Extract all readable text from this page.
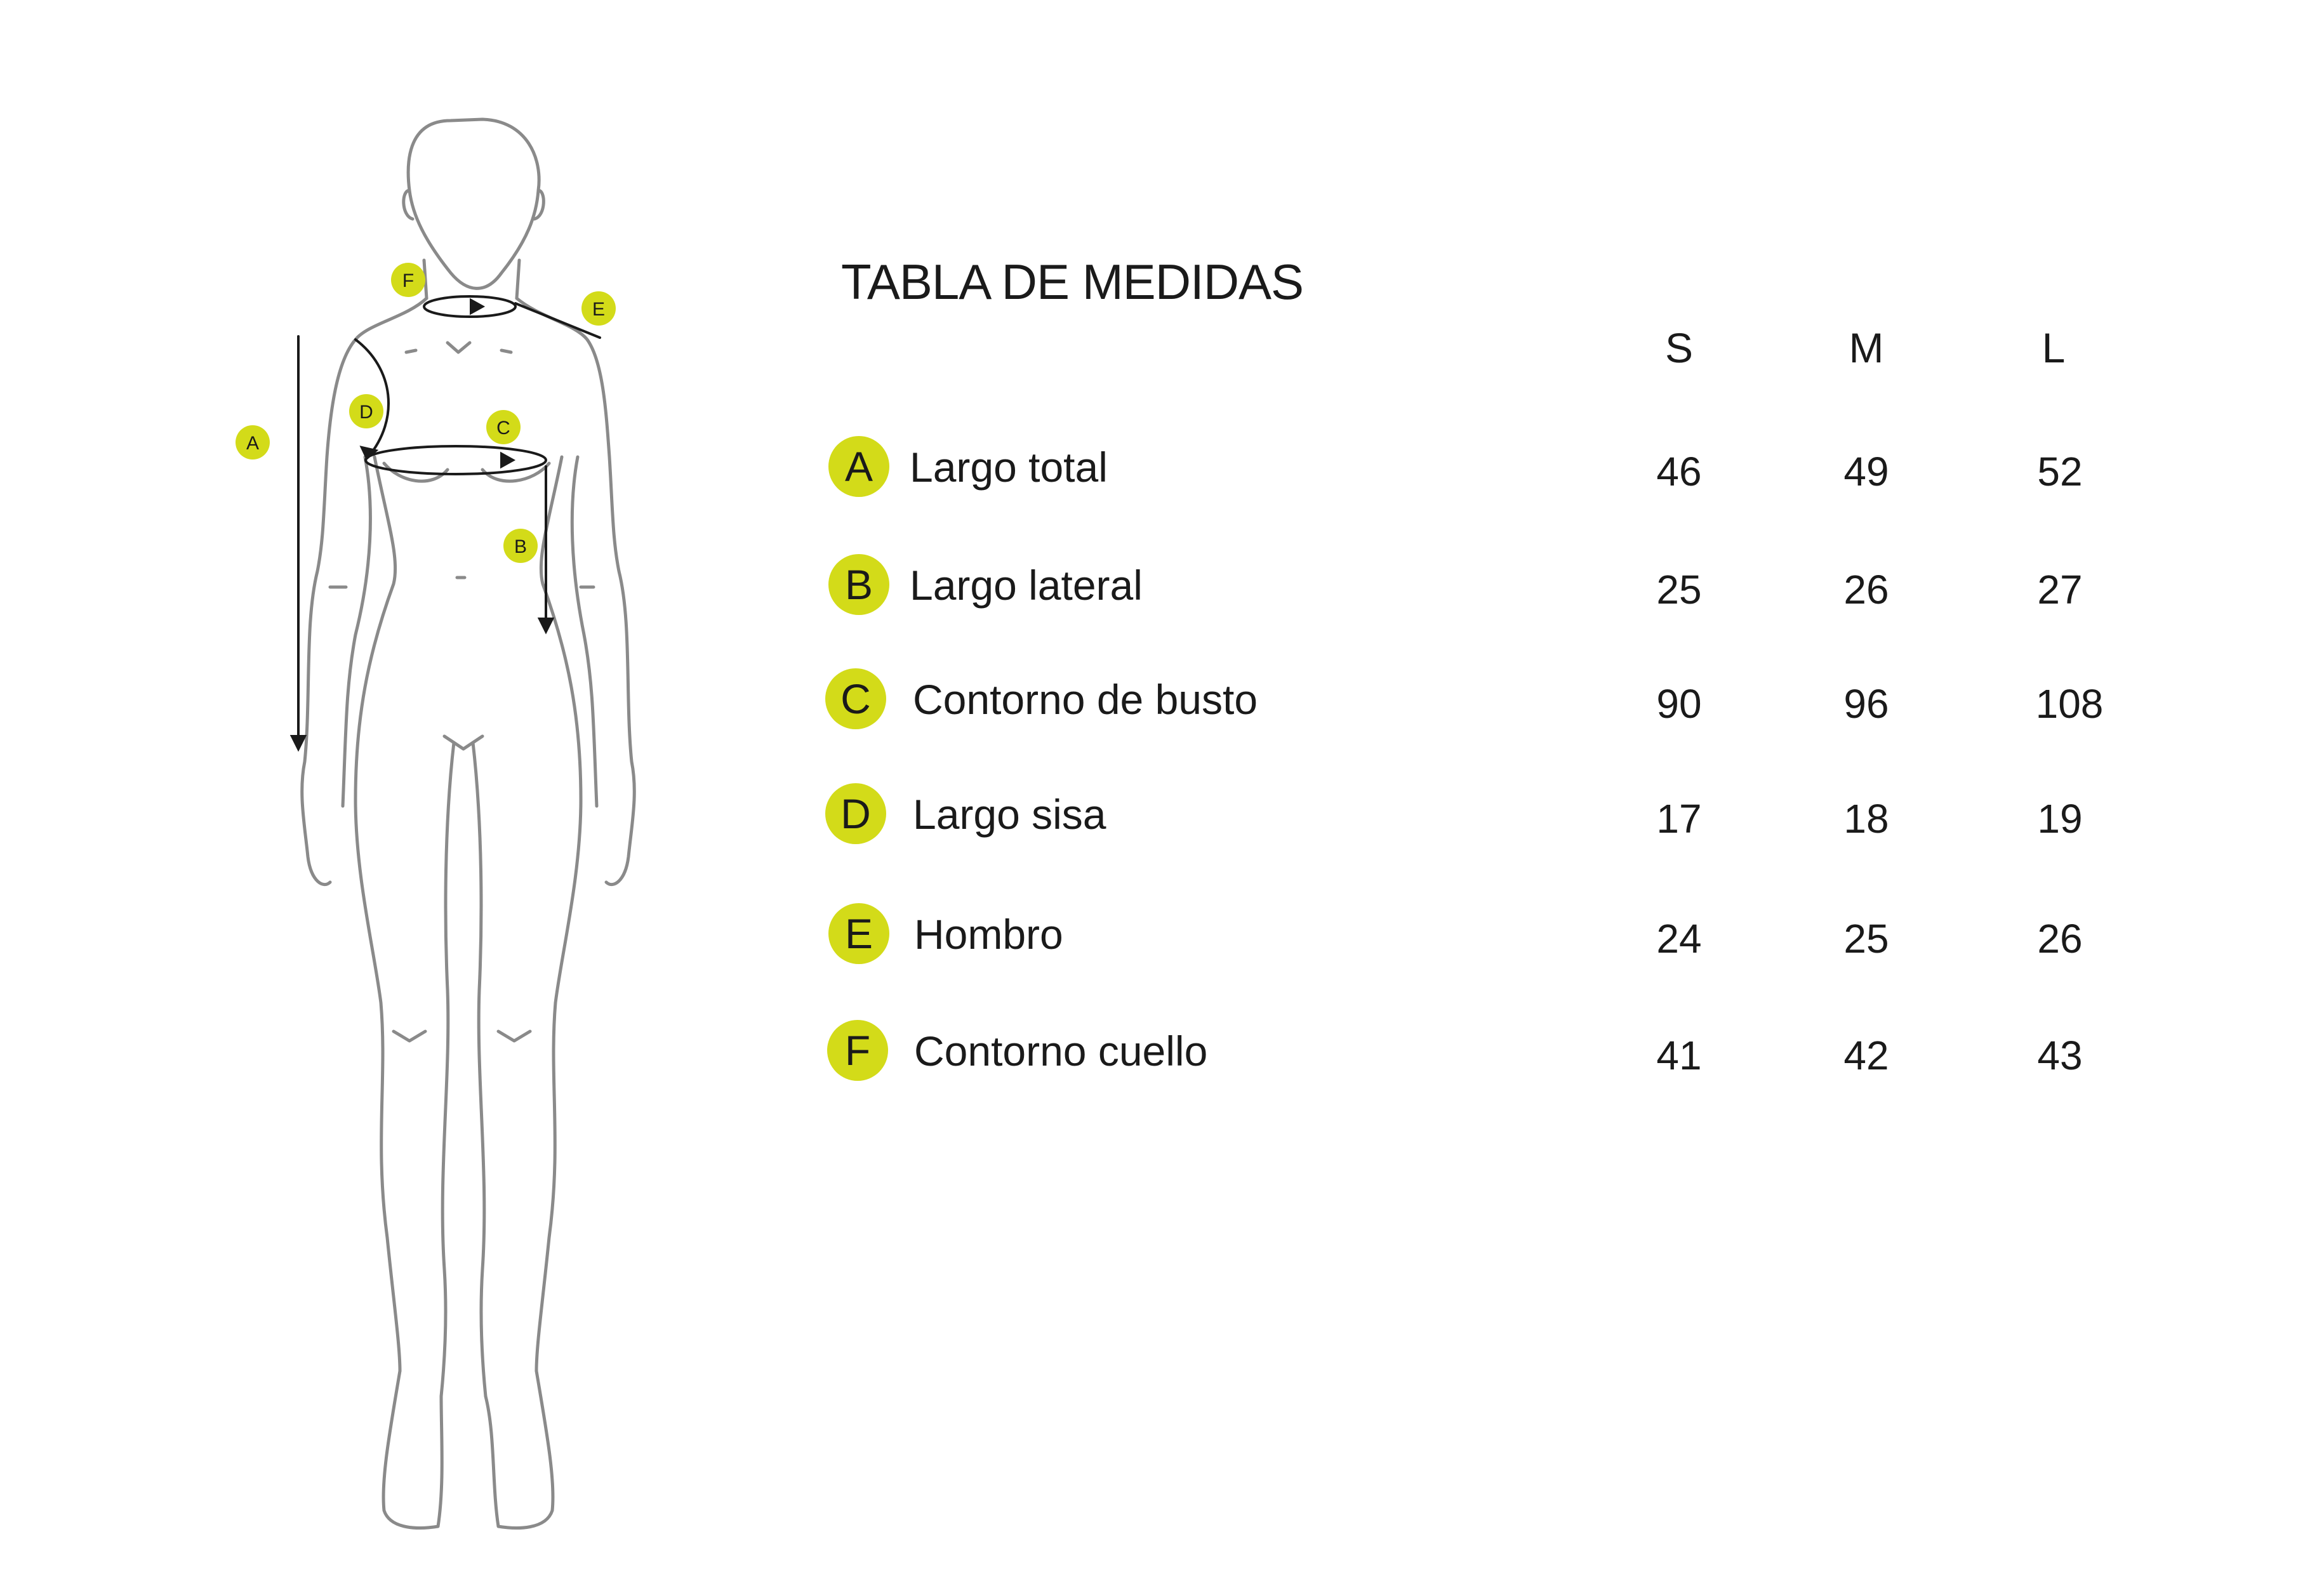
A
B
C
D
E
F	TABLA DE MEDIDAS
S	M	L
A Largo total	46	49	52
B Largo lateral	25	26	27
C	Contorno de busto	90	96	108
D	Largo sisa	17	18	19
E Hombro	24	25	26
F	Contorno cuello	41	42	43
